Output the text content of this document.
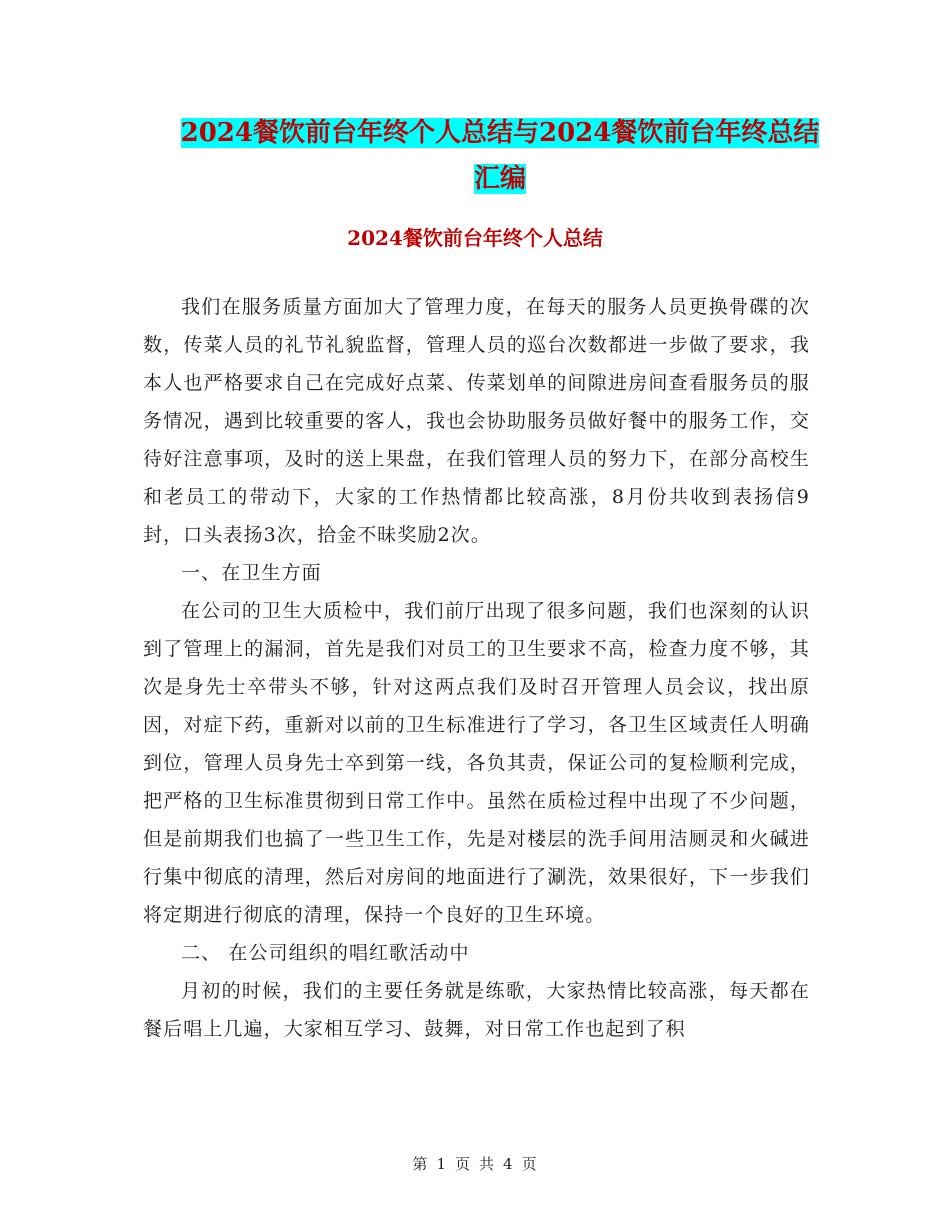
2024餐饮前台年终个人总结与2024餐饮前台年终总结
汇编
2024餐饮前台年终个人总结

我们在服务质量方面加大了管理力度，在每天的服务人员更换骨碟的次数，传菜人员的礼节礼貌监督，管理人员的巡台次数都进一步做了要求，我本人也严格要求自己在完成好点菜、传菜划单的间隙进房间查看服务员的服务情况，遇到比较重要的客人，我也会协助服务员做好餐中的服务工作，交待好注意事项，及时的送上果盘，在我们管理人员的努力下，在部分高校生和老员工的带动下，大家的工作热情都比较高涨，8月份共收到表扬信9 封，口头表扬3次，拾金不昧奖励2次。

一、在卫生方面

在公司的卫生大质检中，我们前厅出现了很多问题，我们也深刻的认识到了管理上的漏洞，首先是我们对员工的卫生要求不高，检查力度不够，其次是身先士卒带头不够，针对这两点我们及时召开管理人员会议，找出原因，对症下药，重新对以前的卫生标准进行了学习，各卫生区域责任人明确到位，管理人员身先士卒到第一线，各负其责，保证公司的复检顺利完成，把严格的卫生标准贯彻到日常工作中。虽然在质检过程中出现了不少问题，但是前期我们也搞了一些卫生工作，先是对楼层的洗手间用洁厕灵和火碱进行集中彻底的清理，然后对房间的地面进行了涮洗，效果很好，下一步我们将定期进行彻底的清理，保持一个良好的卫生环境。

二、 在公司组织的唱红歌活动中

月初的时候，我们的主要任务就是练歌，大家热情比较高涨，每天都在餐后唱上几遍，大家相互学习、鼓舞，对日常工作也起到了积

第 1 页 共 4 页
